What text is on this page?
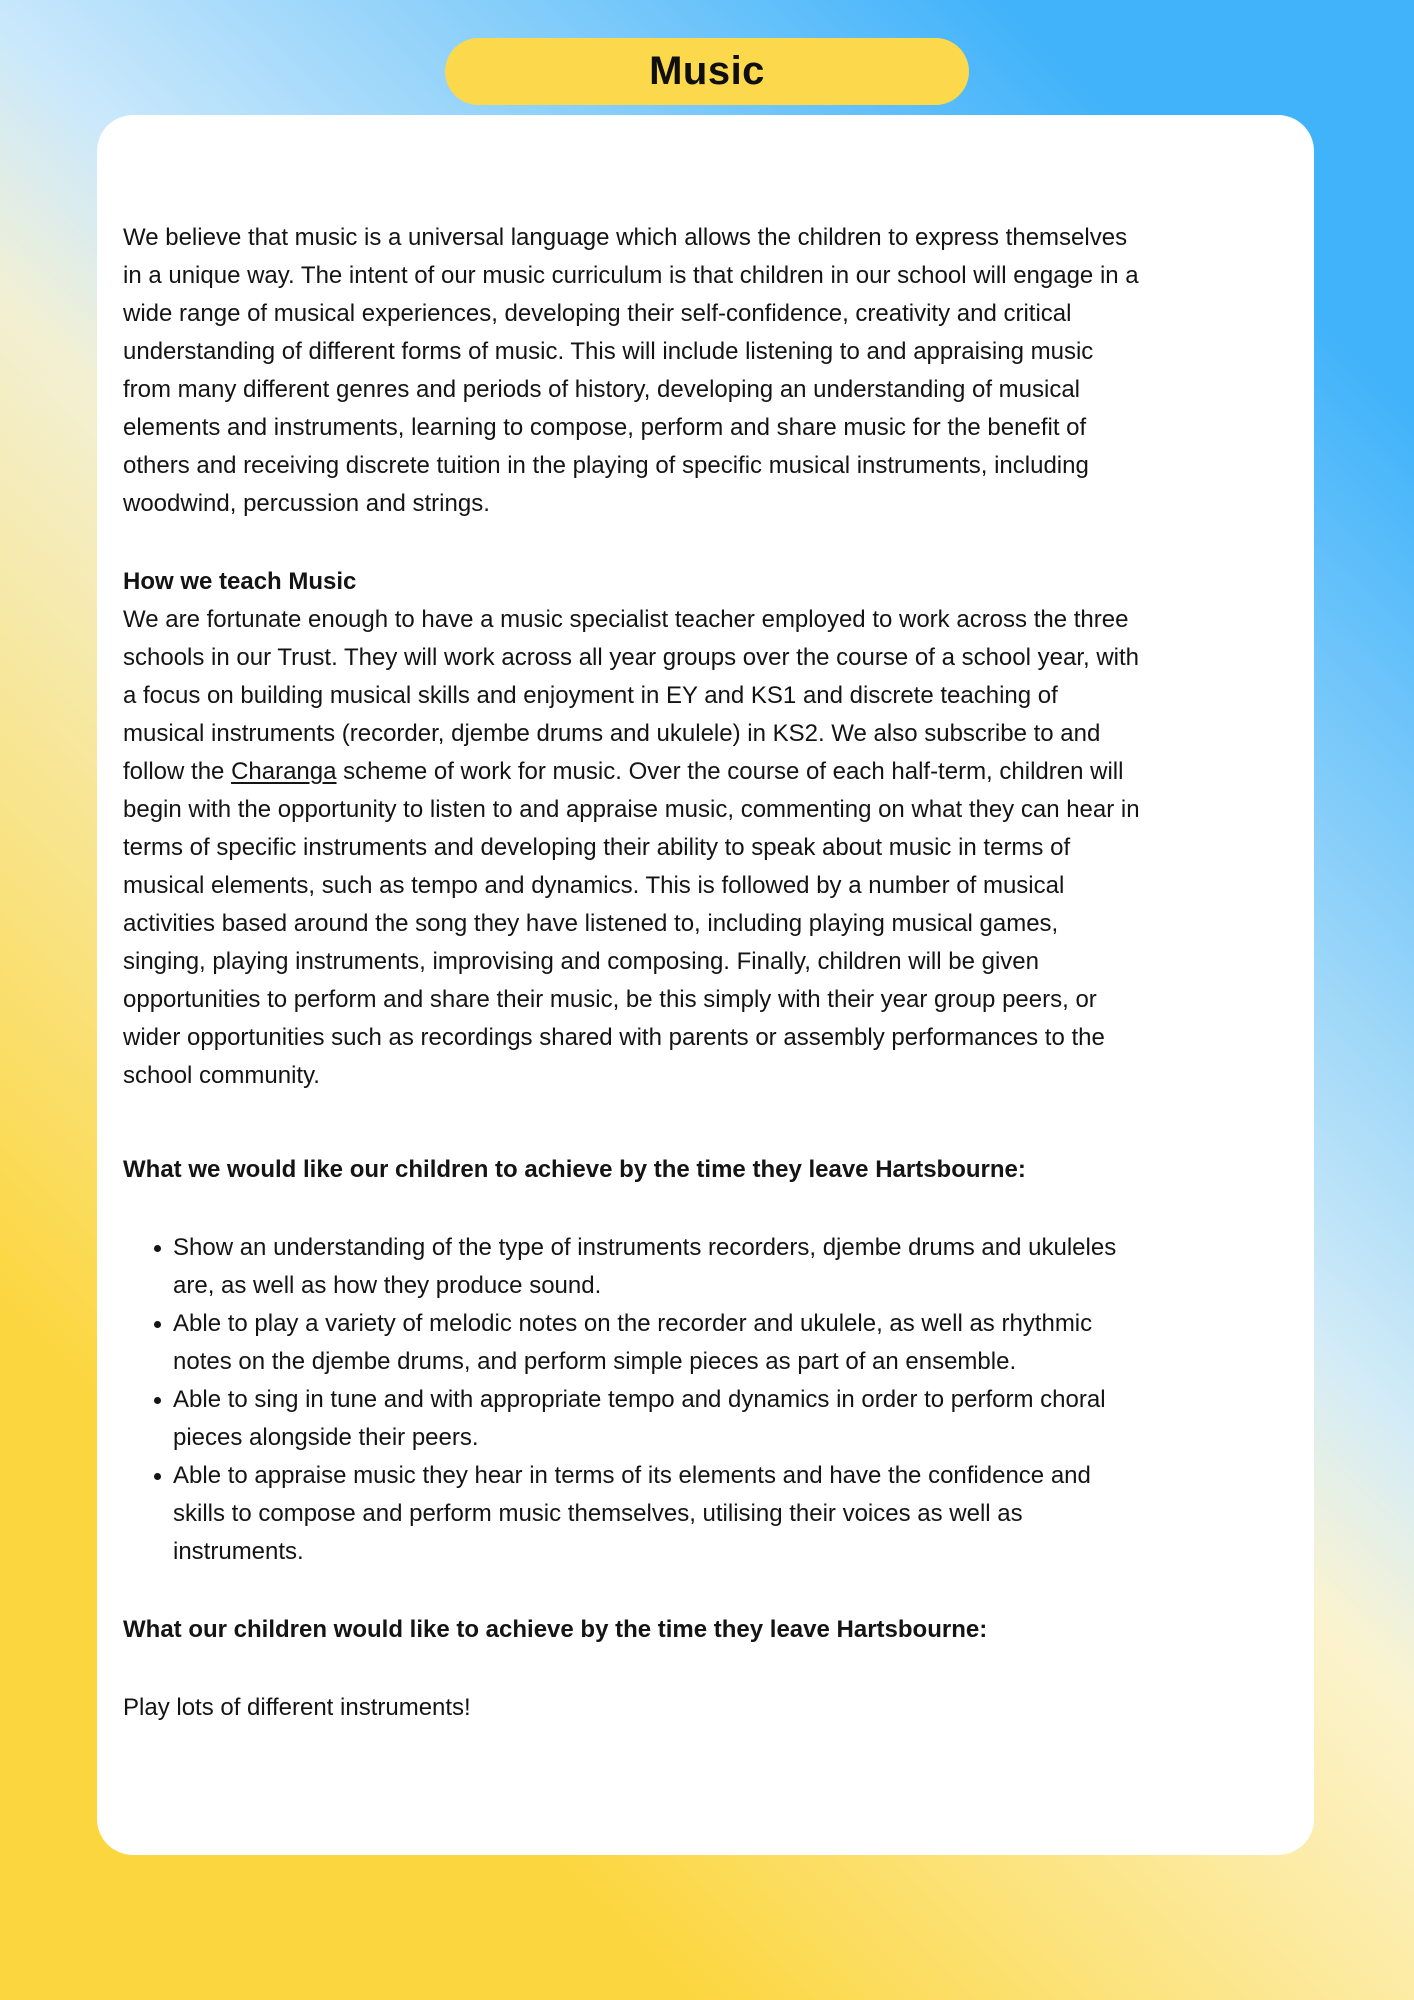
Music

We believe that music is a universal language which allows the children to express themselves in a unique way. The intent of our music curriculum is that children in our school will engage in a wide range of musical experiences, developing their self-confidence, creativity and critical understanding of different forms of music. This will include listening to and appraising music from many different genres and periods of history, developing an understanding of musical elements and instruments, learning to compose, perform and share music for the benefit of others and receiving discrete tuition in the playing of specific musical instruments, including woodwind, percussion and strings.

How we teach Music

We are fortunate enough to have a music specialist teacher employed to work across the three schools in our Trust. They will work across all year groups over the course of a school year, with a focus on building musical skills and enjoyment in EY and KS1 and discrete teaching of musical instruments (recorder, djembe drums and ukulele) in KS2. We also subscribe to and follow the Charanga scheme of work for music. Over the course of each half-term, children will begin with the opportunity to listen to and appraise music, commenting on what they can hear in terms of specific instruments and developing their ability to speak about music in terms of musical elements, such as tempo and dynamics. This is followed by a number of musical activities based around the song they have listened to, including playing musical games, singing, playing instruments, improvising and composing. Finally, children will be given opportunities to perform and share their music, be this simply with their year group peers, or wider opportunities such as recordings shared with parents or assembly performances to the school community.

What we would like our children to achieve by the time they leave Hartsbourne:
Show an understanding of the type of instruments recorders, djembe drums and ukuleles are, as well as how they produce sound.
Able to play a variety of melodic notes on the recorder and ukulele, as well as rhythmic notes on the djembe drums, and perform simple pieces as part of an ensemble.
Able to sing in tune and with appropriate tempo and dynamics in order to perform choral pieces alongside their peers.
Able to appraise music they hear in terms of its elements and have the confidence and skills to compose and perform music themselves, utilising their voices as well as instruments.
What our children would like to achieve by the time they leave Hartsbourne:

Play lots of different instruments!
